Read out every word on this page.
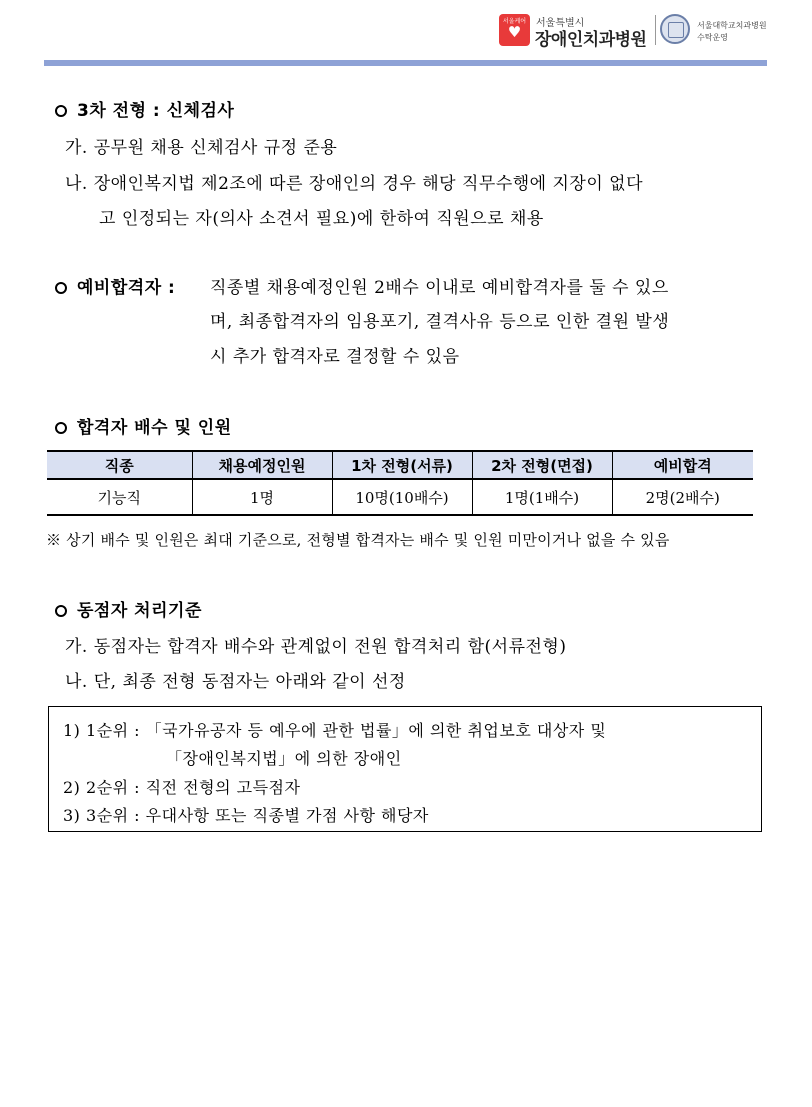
서울케어
♥ 서울특별시
장애인치과병원
서울대학교치과병원
수탁운영
3차 전형 : 신체검사
가. 공무원 채용 신체검사 규정 준용
나. 장애인복지법 제2조에 따른 장애인의 경우 해당 직무수행에 지장이 없다
고 인정되는 자(의사 소견서 필요)에 한하여 직원으로 채용
예비합격자 : 직종별 채용예정인원 2배수 이내로 예비합격자를 둘 수 있으
며, 최종합격자의 임용포기, 결격사유 등으로 인한 결원 발생
시 추가 합격자로 결정할 수 있음
합격자 배수 및 인원
직종	채용예정인원	1차 전형(서류)	2차 전형(면접)	예비합격
기능직	1명	10명(10배수)	1명(1배수)	2명(2배수)
※ 상기 배수 및 인원은 최대 기준으로, 전형별 합격자는 배수 및 인원 미만이거나 없을 수 있음
동점자 처리기준
가. 동점자는 합격자 배수와 관계없이 전원 합격처리 함(서류전형)
나. 단, 최종 전형 동점자는 아래와 같이 선정
1) 1순위 : 「국가유공자 등 예우에 관한 법률」에 의한 취업보호 대상자 및
「장애인복지법」에 의한 장애인
2) 2순위 : 직전 전형의 고득점자
3) 3순위 : 우대사항 또는 직종별 가점 사항 해당자
